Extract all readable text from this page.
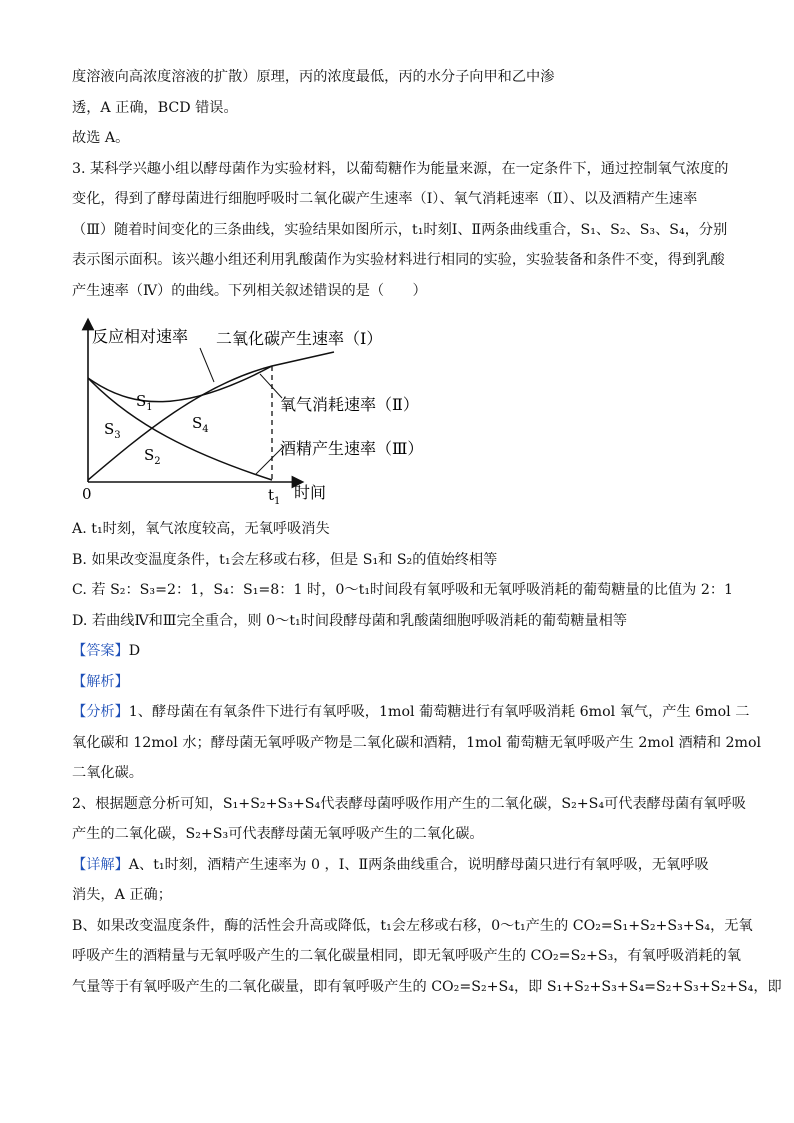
度溶液向高浓度溶液的扩散）原理，丙的浓度最低，丙的水分子向甲和乙中渗
透，A 正确，BCD 错误。
故选 A。
3. 某科学兴趣小组以酵母菌作为实验材料，以葡萄糖作为能量来源，在一定条件下，通过控制氧气浓度的
变化，得到了酵母菌进行细胞呼吸时二氧化碳产生速率（Ⅰ）、氧气消耗速率（Ⅱ）、以及酒精产生速率
（Ⅲ）随着时间变化的三条曲线，实验结果如图所示，t₁时刻Ⅰ、Ⅱ两条曲线重合，S₁、S₂、S₃、S₄，分别
表示图示面积。该兴趣小组还利用乳酸菌作为实验材料进行相同的实验，实验装备和条件不变，得到乳酸
产生速率（Ⅳ）的曲线。下列相关叙述错误的是（　　）
反应相对速率
时间
0	$t_1$
二氧化碳产生速率（Ⅰ）
氧气消耗速率（Ⅱ）
酒精产生速率（Ⅲ）
$S_1$
$S_3$
$S_4$
$S_2$
A. t₁时刻，氧气浓度较高，无氧呼吸消失
B. 如果改变温度条件，t₁会左移或右移，但是 S₁和 S₂的值始终相等
C. 若 S₂：S₃=2：1，S₄：S₁=8：1 时，0～t₁时间段有氧呼吸和无氧呼吸消耗的葡萄糖量的比值为 2：1
D. 若曲线Ⅳ和Ⅲ完全重合，则 0～t₁时间段酵母菌和乳酸菌细胞呼吸消耗的葡萄糖量相等
【答案】D
【解析】
【分析】1、酵母菌在有氧条件下进行有氧呼吸，1mol 葡萄糖进行有氧呼吸消耗 6mol 氧气，产生 6mol 二
氧化碳和 12mol 水；酵母菌无氧呼吸产物是二氧化碳和酒精，1mol 葡萄糖无氧呼吸产生 2mol 酒精和 2mol
二氧化碳。
2、根据题意分析可知，S₁+S₂+S₃+S₄代表酵母菌呼吸作用产生的二氧化碳，S₂+S₄可代表酵母菌有氧呼吸
产生的二氧化碳，S₂+S₃可代表酵母菌无氧呼吸产生的二氧化碳。
【详解】A、t₁时刻，酒精产生速率为 0 ，Ⅰ、Ⅱ两条曲线重合，说明酵母菌只进行有氧呼吸，无氧呼吸
消失，A 正确；
B、如果改变温度条件，酶的活性会升高或降低，t₁会左移或右移，0～t₁产生的 CO₂=S₁+S₂+S₃+S₄，无氧
呼吸产生的酒精量与无氧呼吸产生的二氧化碳量相同，即无氧呼吸产生的 CO₂=S₂+S₃，有氧呼吸消耗的氧
气量等于有氧呼吸产生的二氧化碳量，即有氧呼吸产生的 CO₂=S₂+S₄，即 S₁+S₂+S₃+S₄=S₂+S₃+S₂+S₄，即
